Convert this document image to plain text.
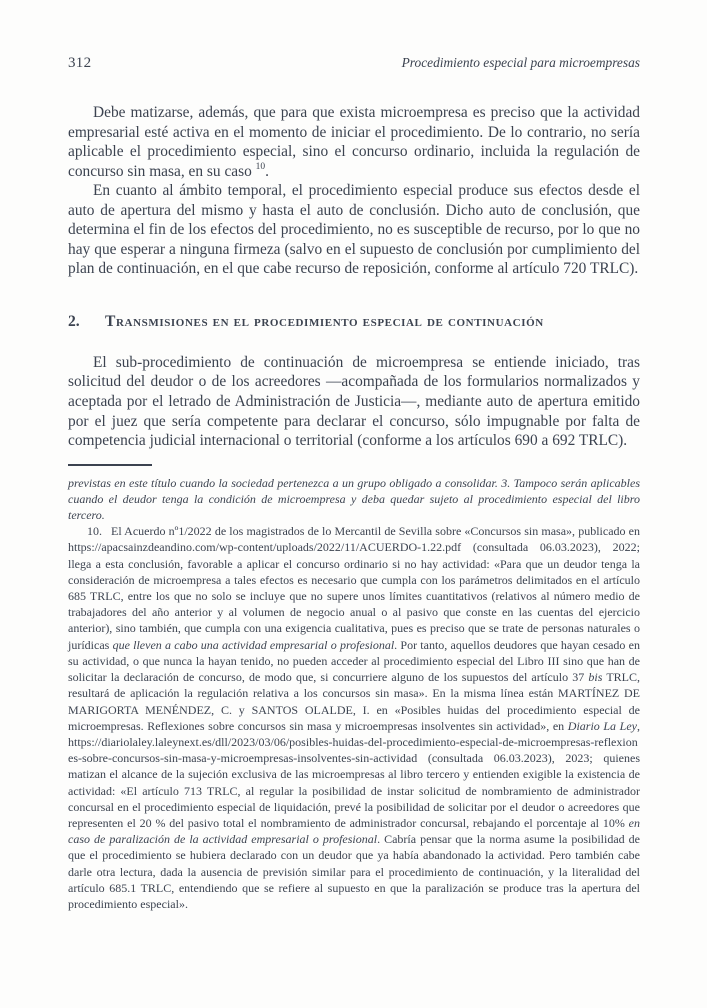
312	Procedimiento especial para microempresas

Debe matizarse, además, que para que exista microempresa es preciso que la actividad empresarial esté activa en el momento de iniciar el procedimiento. De lo contrario, no sería aplicable el procedimiento especial, sino el concurso ordinario, incluida la regulación de concurso sin masa, en su caso $^{10}$.

En cuanto al ámbito temporal, el procedimiento especial produce sus efectos desde el auto de apertura del mismo y hasta el auto de conclusión. Dicho auto de conclusión, que determina el fin de los efectos del procedimiento, no es susceptible de recurso, por lo que no hay que esperar a ninguna firmeza (salvo en el supuesto de conclusión por cumplimiento del plan de continuación, en el que cabe recurso de reposición, conforme al artículo 720 TRLC).

2. Transmisiones en el procedimiento especial de continuación

El sub-procedimiento de continuación de microempresa se entiende iniciado, tras solicitud del deudor o de los acreedores —acompañada de los formularios normalizados y aceptada por el letrado de Administración de Justicia—, mediante auto de apertura emitido por el juez que sería competente para declarar el concurso, sólo impugnable por falta de competencia judicial internacional o territorial (conforme a los artículos 690 a 692 TRLC).

previstas en este título cuando la sociedad pertenezca a un grupo obligado a consolidar. 3. Tampoco serán aplicables cuando el deudor tenga la condición de microempresa y deba quedar sujeto al procedimiento especial del libro tercero.

10. El Acuerdo nº1/2022 de los magistrados de lo Mercantil de Sevilla sobre «Concursos sin masa», publicado en https://apacsainzdeandino.com/wp-content/uploads/2022/11/ACUERDO-1.22.pdf (consultada 06.03.2023), 2022; llega a esta conclusión, favorable a aplicar el concurso ordinario si no hay actividad: «Para que un deudor tenga la consideración de microempresa a tales efectos es necesario que cumpla con los parámetros delimitados en el artículo 685 TRLC, entre los que no solo se incluye que no supere unos límites cuantitativos (relativos al número medio de trabajadores del año anterior y al volumen de negocio anual o al pasivo que conste en las cuentas del ejercicio anterior), sino también, que cumpla con una exigencia cualitativa, pues es preciso que se trate de personas naturales o jurídicas que lleven a cabo una actividad empresarial o profesional. Por tanto, aquellos deudores que hayan cesado en su actividad, o que nunca la hayan tenido, no pueden acceder al procedimiento especial del Libro III sino que han de solicitar la declaración de concurso, de modo que, si concurriere alguno de los supuestos del artículo 37 bis TRLC, resultará de aplicación la regulación relativa a los concursos sin masa». En la misma línea están MARTÍNEZ DE MARIGORTA MENÉNDEZ, C. y SANTOS OLALDE, I. en «Posibles huidas del procedimiento especial de microempresas. Reflexiones sobre concursos sin masa y microempresas insolventes sin actividad», en Diario La Ley, https://diariolaley.laleynext.es/dll/2023/03/06/posibles-huidas-del-procedimiento-especial-de-microempresas-reflexiones-sobre-concursos-sin-masa-y-microempresas-insolventes-sin-actividad (consultada 06.03.2023), 2023; quienes matizan el alcance de la sujeción exclusiva de las microempresas al libro tercero y entienden exigible la existencia de actividad: «El artículo 713 TRLC, al regular la posibilidad de instar solicitud de nombramiento de administrador concursal en el procedimiento especial de liquidación, prevé la posibilidad de solicitar por el deudor o acreedores que representen el 20 % del pasivo total el nombramiento de administrador concursal, rebajando el porcentaje al 10% en caso de paralización de la actividad empresarial o profesional. Cabría pensar que la norma asume la posibilidad de que el procedimiento se hubiera declarado con un deudor que ya había abandonado la actividad. Pero también cabe darle otra lectura, dada la ausencia de previsión similar para el procedimiento de continuación, y la literalidad del artículo 685.1 TRLC, entendiendo que se refiere al supuesto en que la paralización se produce tras la apertura del procedimiento especial».
